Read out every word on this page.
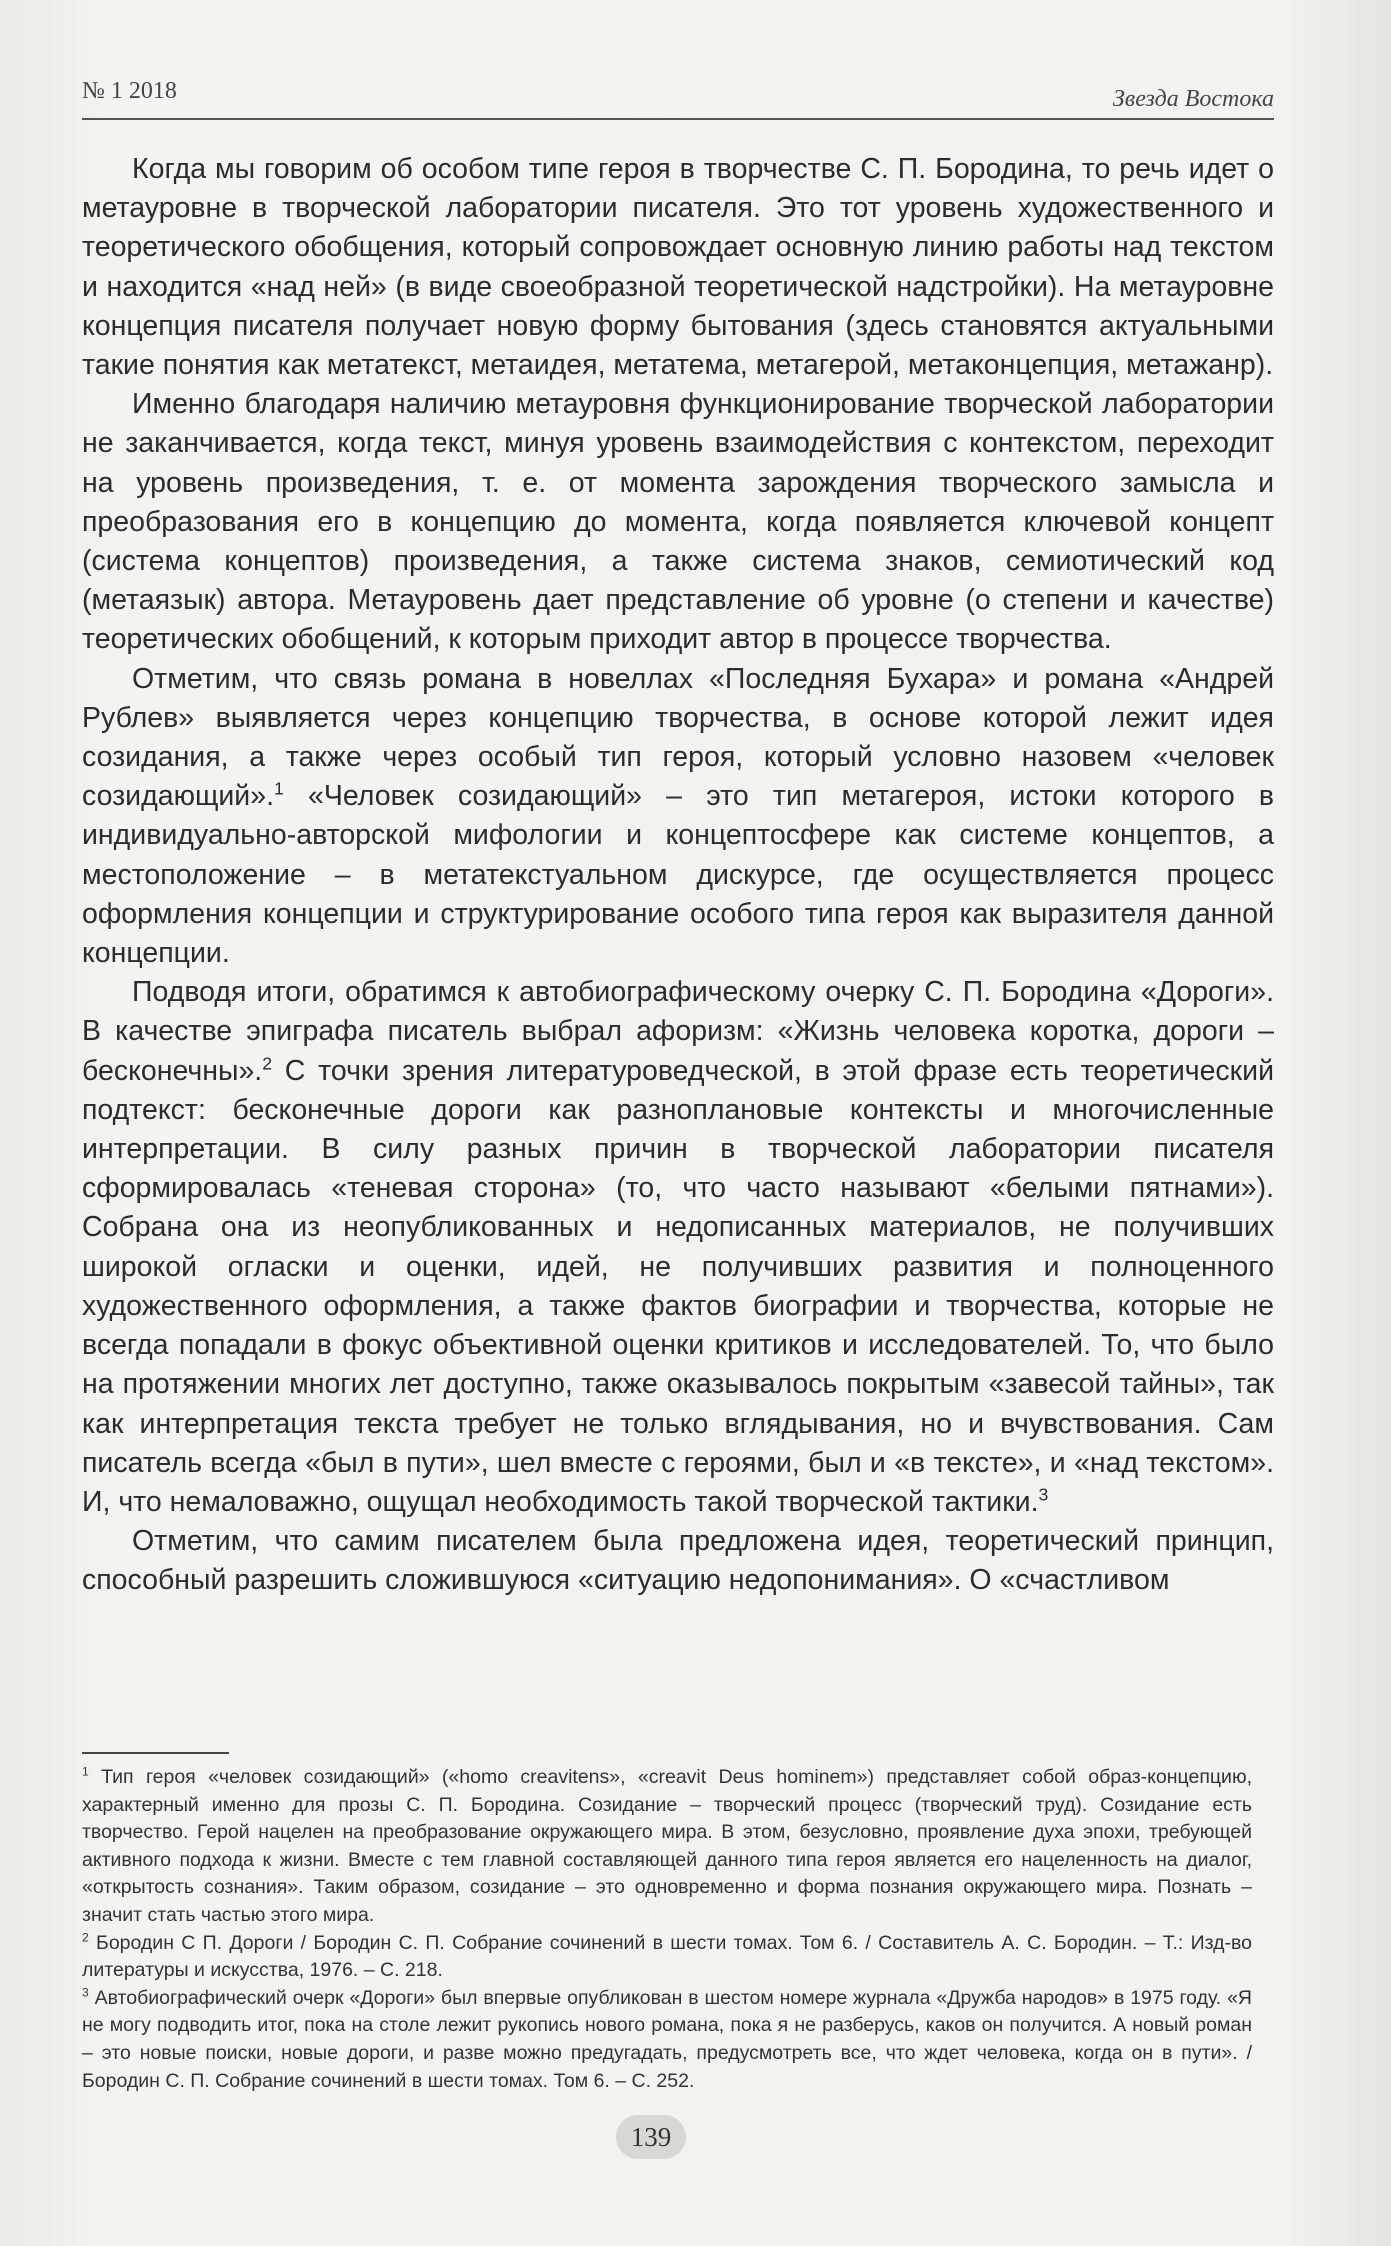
№ 1 2018	Звезда Востока

Когда мы говорим об особом типе героя в творчестве С. П. Бородина, то речь идет о метауровне в творческой лаборатории писателя. Это тот уровень художественного и теоретического обобщения, который сопровождает основную линию работы над текстом и находится «над ней» (в виде своеобразной теоретической надстройки). На метауровне концепция писателя получает новую форму бытования (здесь становятся актуальными такие понятия как метатекст, метаидея, метатема, метагерой, метаконцепция, метажанр).

Именно благодаря наличию метауровня функционирование творческой лаборатории не заканчивается, когда текст, минуя уровень взаимодействия с контекстом, переходит на уровень произведения, т. е. от момента зарождения творческого замысла и преобразования его в концепцию до момента, когда появляется ключевой концепт (система концептов) произведения, а также система знаков, семиотический код (метаязык) автора. Метауровень дает представление об уровне (о степени и качестве) теоретических обобщений, к которым приходит автор в процессе творчества.

Отметим, что связь романа в новеллах «Последняя Бухара» и романа «Андрей Рублев» выявляется через концепцию творчества, в основе которой лежит идея созидания, а также через особый тип героя, который условно назовем «человек созидающий».$^1$ «Человек созидающий» – это тип метагероя, истоки которого в индивидуально-авторской мифологии и концептосфере как системе концептов, а местоположение – в метатекстуальном дискурсе, где осуществляется процесс оформления концепции и структурирование особого типа героя как выразителя данной концепции.

Подводя итоги, обратимся к автобиографическому очерку С. П. Бородина «Дороги». В качестве эпиграфа писатель выбрал афоризм: «Жизнь человека коротка, дороги – бесконечны».$^2$ С точки зрения литературоведческой, в этой фразе есть теоретический подтекст: бесконечные дороги как разноплановые контексты и многочисленные интерпретации. В силу разных причин в творческой лаборатории писателя сформировалась «теневая сторона» (то, что часто называют «белыми пятнами»). Собрана она из неопубликованных и недописанных материалов, не получивших широкой огласки и оценки, идей, не получивших развития и полноценного художественного оформления, а также фактов биографии и творчества, которые не всегда попадали в фокус объективной оценки критиков и исследователей. То, что было на протяжении многих лет доступно, также оказывалось покрытым «завесой тайны», так как интерпретация текста требует не только вглядывания, но и вчувствования. Сам писатель всегда «был в пути», шел вместе с героями, был и «в тексте», и «над текстом». И, что немаловажно, ощущал необходимость такой творческой тактики.$^3$

Отметим, что самим писателем была предложена идея, теоретический принцип, способный разрешить сложившуюся «ситуацию недопонимания». О «счастливом

$^1$ Тип героя «человек созидающий» («homo creavitens», «creavit Deus hominem») представляет собой образ-концепцию, характерный именно для прозы С. П. Бородина. Созидание – творческий процесс (творческий труд). Созидание есть творчество. Герой нацелен на преобразование окружающего мира. В этом, безусловно, проявление духа эпохи, требующей активного подхода к жизни. Вместе с тем главной составляющей данного типа героя является его нацеленность на диалог, «открытость сознания». Таким образом, созидание – это одновременно и форма познания окружающего мира. Познать – значит стать частью этого мира.

$^2$ Бородин С П. Дороги / Бородин С. П. Собрание сочинений в шести томах. Том 6. / Составитель А. С. Бородин. – Т.: Изд-во литературы и искусства, 1976. – С. 218.

$^3$ Автобиографический очерк «Дороги» был впервые опубликован в шестом номере журнала «Дружба народов» в 1975 году. «Я не могу подводить итог, пока на столе лежит рукопись нового романа, пока я не разберусь, каков он получится. А новый роман – это новые поиски, новые дороги, и разве можно предугадать, предусмотреть все, что ждет человека, когда он в пути». / Бородин С. П. Собрание сочинений в шести томах. Том 6. – С. 252.

139
